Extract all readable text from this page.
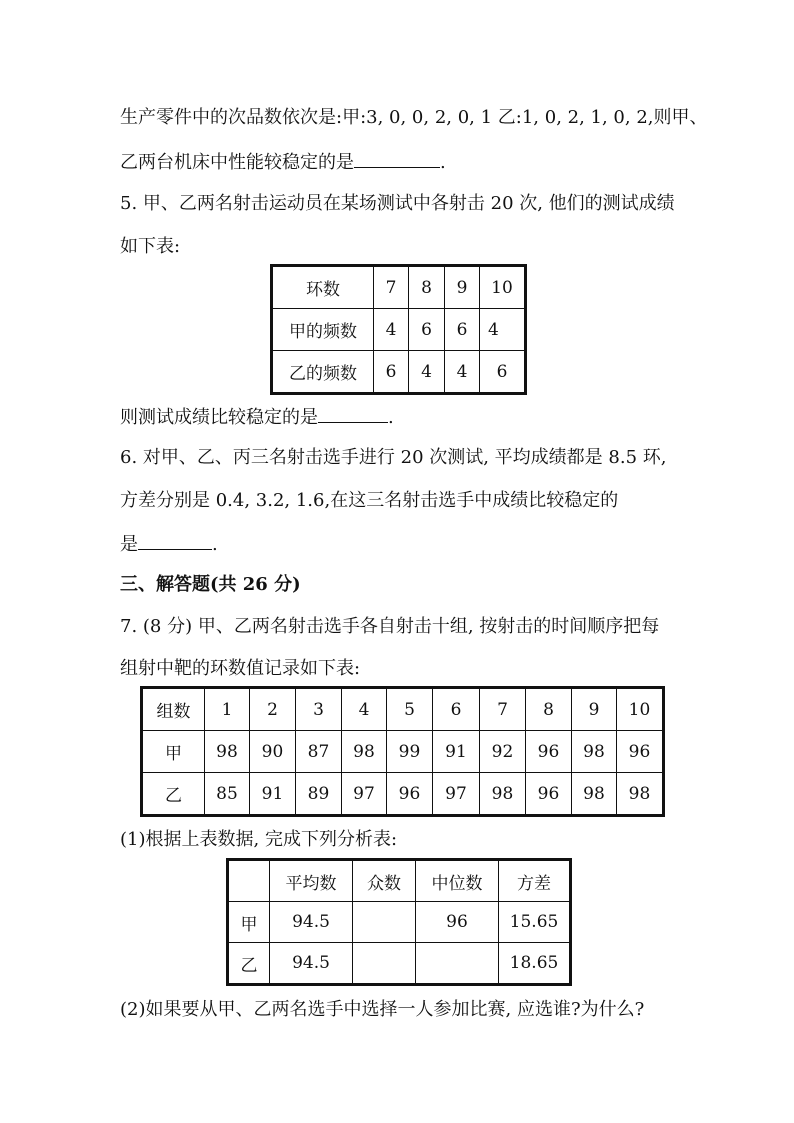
生产零件中的次品数依次是:甲:3, 0, 0, 2, 0, 1 乙:1, 0, 2, 1, 0, 2,则甲、
乙两台机床中性能较稳定的是	.
5. 甲、乙两名射击运动员在某场测试中各射击 20 次, 他们的测试成绩
如下表:
环数	7	8	9	10
甲的频数	4	6	6	4
乙的频数	6	4	4	6
则测试成绩比较稳定的是	.
6. 对甲、乙、丙三名射击选手进行 20 次测试, 平均成绩都是 8.5 环,
方差分别是 0.4, 3.2, 1.6,在这三名射击选手中成绩比较稳定的
是	.
三、解答题(共 26 分)
7. (8 分) 甲、乙两名射击选手各自射击十组, 按射击的时间顺序把每
组射中靶的环数值记录如下表:
组数	1	2	3	4	5	6	7	8	9	10
甲	98	90	87	98	99	91	92	96	98	96
乙	85	91	89	97	96	97	98	96	98	98
(1)根据上表数据, 完成下列分析表:
	平均数	众数	中位数	方差
甲	94.5		96	15.65
乙	94.5			18.65
(2)如果要从甲、乙两名选手中选择一人参加比赛, 应选谁?为什么?
